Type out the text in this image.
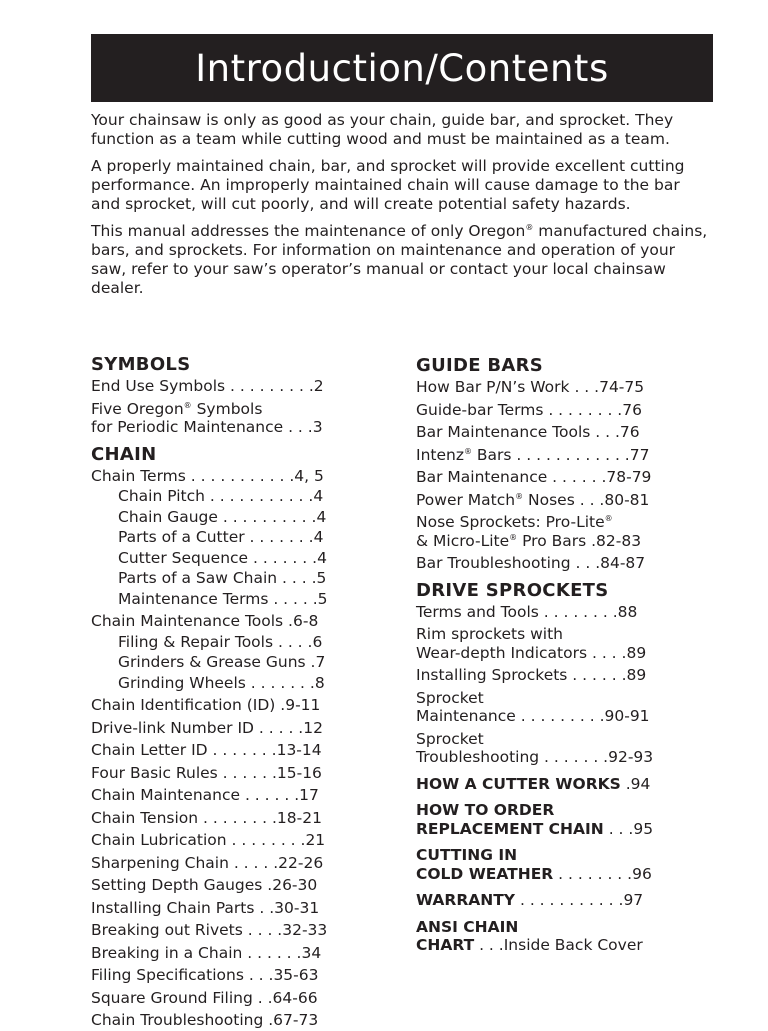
Introduction/Contents

Your chainsaw is only as good as your chain, guide bar, and sprocket. They function as a team while cutting wood and must be maintained as a team.

A properly maintained chain, bar, and sprocket will provide excellent cutting performance. An improperly maintained chain will cause damage to the bar and sprocket, will cut poorly, and will create potential safety hazards.

This manual addresses the maintenance of only Oregon® manufactured chains, bars, and sprockets. For information on maintenance and operation of your saw, refer to your saw’s operator’s manual or contact your local chainsaw dealer.

SYMBOLS

End Use Symbols . . . . . . . . .2

Five Oregon® Symbols
for Periodic Maintenance . . .3

CHAIN

Chain Terms . . . . . . . . . . .4, 5

Chain Pitch . . . . . . . . . . .4

Chain Gauge . . . . . . . . . .4

Parts of a Cutter . . . . . . .4

Cutter Sequence . . . . . . .4

Parts of a Saw Chain . . . .5

Maintenance Terms . . . . .5

Chain Maintenance Tools .6-8

Filing & Repair Tools . . . .6

Grinders & Grease Guns .7

Grinding Wheels . . . . . . .8

Chain Identification (ID) .9-11

Drive-link Number ID . . . . .12

Chain Letter ID . . . . . . .13-14

Four Basic Rules . . . . . .15-16

Chain Maintenance . . . . . .17

Chain Tension . . . . . . . .18-21

Chain Lubrication . . . . . . . .21

Sharpening Chain . . . . .22-26

Setting Depth Gauges .26-30

Installing Chain Parts . .30-31

Breaking out Rivets . . . .32-33

Breaking in a Chain . . . . . .34

Filing Specifications . . .35-63

Square Ground Filing . .64-66

Chain Troubleshooting .67-73

GUIDE BARS

How Bar P/N’s Work . . .74-75

Guide-bar Terms . . . . . . . .76

Bar Maintenance Tools . . .76

Intenz® Bars . . . . . . . . . . . .77

Bar Maintenance . . . . . .78-79

Power Match® Noses . . .80-81

Nose Sprockets: Pro-Lite®
& Micro-Lite® Pro Bars .82-83

Bar Troubleshooting . . .84-87

DRIVE SPROCKETS

Terms and Tools . . . . . . . .88

Rim sprockets with
Wear-depth Indicators . . . .89

Installing Sprockets . . . . . .89

Sprocket
Maintenance . . . . . . . . .90-91

Sprocket
Troubleshooting . . . . . . .92-93

HOW A CUTTER WORKS .94

HOW TO ORDER
REPLACEMENT CHAIN . . .95

CUTTING IN
COLD WEATHER . . . . . . . .96

WARRANTY . . . . . . . . . . .97

ANSI CHAIN
CHART . . .Inside Back Cover
